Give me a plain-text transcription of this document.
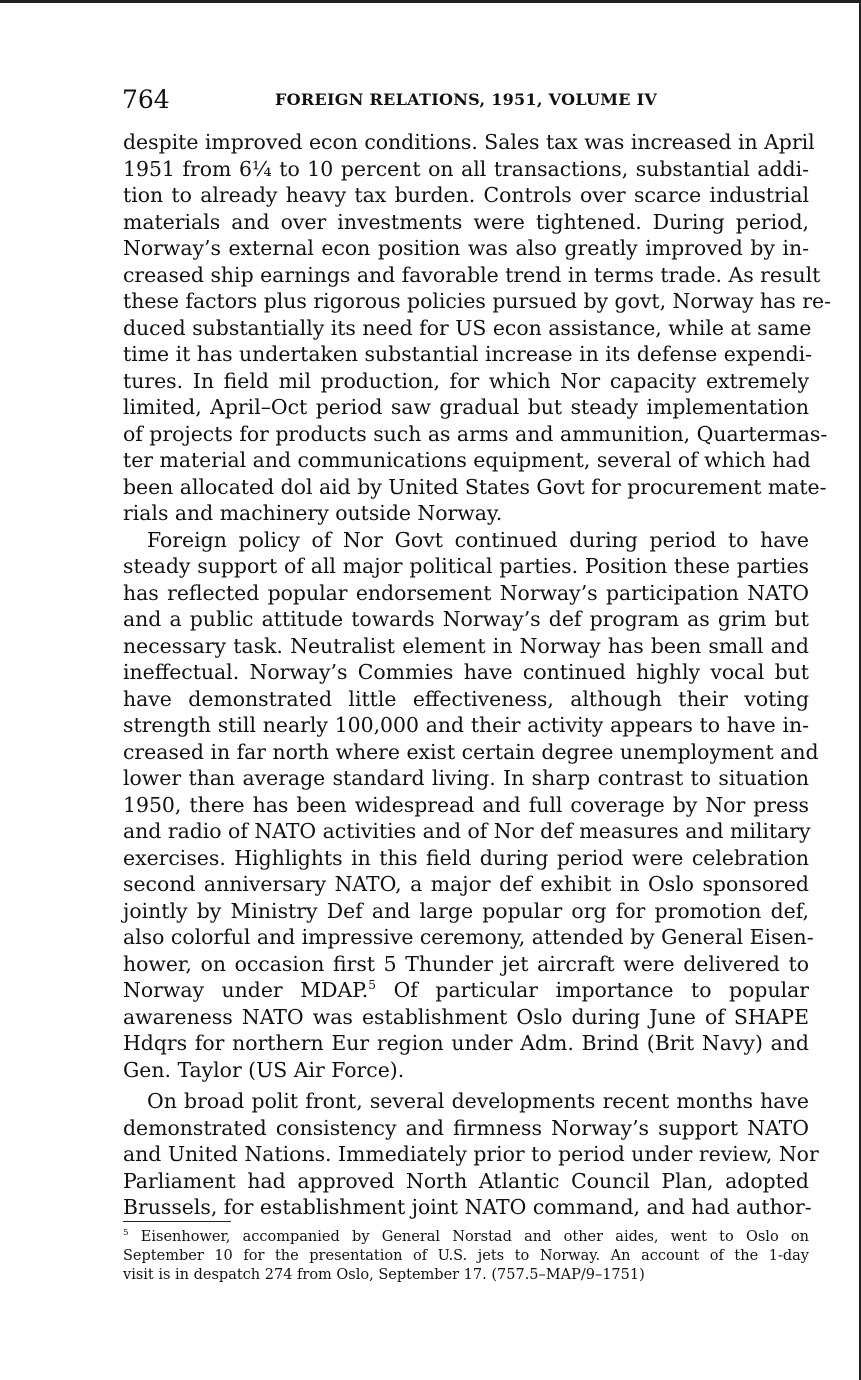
764	FOREIGN RELATIONS, 1951, VOLUME IV
despite improved econ conditions. Sales tax was increased in April
1951 from 6¼ to 10 percent on all transactions, substantial addi-
tion to already heavy tax burden. Controls over scarce industrial
materials and over investments were tightened. During period,
Norway’s external econ position was also greatly improved by in-
creased ship earnings and favorable trend in terms trade. As result
these factors plus rigorous policies pursued by govt, Norway has re-
duced substantially its need for US econ assistance, while at same
time it has undertaken substantial increase in its defense expendi-
tures. In field mil production, for which Nor capacity extremely
limited, April–Oct period saw gradual but steady implementation
of projects for products such as arms and ammunition, Quartermas-
ter material and communications equipment, several of which had
been allocated dol aid by United States Govt for procurement mate-
rials and machinery outside Norway.
Foreign policy of Nor Govt continued during period to have
steady support of all major political parties. Position these parties
has reflected popular endorsement Norway’s participation NATO
and a public attitude towards Norway’s def program as grim but
necessary task. Neutralist element in Norway has been small and
ineffectual. Norway’s Commies have continued highly vocal but
have demonstrated little effectiveness, although their voting
strength still nearly 100,000 and their activity appears to have in-
creased in far north where exist certain degree unemployment and
lower than average standard living. In sharp contrast to situation
1950, there has been widespread and full coverage by Nor press
and radio of NATO activities and of Nor def measures and military
exercises. Highlights in this field during period were celebration
second anniversary NATO, a major def exhibit in Oslo sponsored
jointly by Ministry Def and large popular org for promotion def,
also colorful and impressive ceremony, attended by General Eisen-
hower, on occasion first 5 Thunder jet aircraft were delivered to
Norway under MDAP.$^5$ Of particular importance to popular
awareness NATO was establishment Oslo during June of SHAPE
Hdqrs for northern Eur region under Adm. Brind (Brit Navy) and
Gen. Taylor (US Air Force).
On broad polit front, several developments recent months have
demonstrated consistency and firmness Norway’s support NATO
and United Nations. Immediately prior to period under review, Nor
Parliament had approved North Atlantic Council Plan, adopted
Brussels, for establishment joint NATO command, and had author-
$^5$ Eisenhower, accompanied by General Norstad and other aides, went to Oslo on
September 10 for the presentation of U.S. jets to Norway. An account of the 1-day
visit is in despatch 274 from Oslo, September 17. (757.5–MAP/9–1751)
